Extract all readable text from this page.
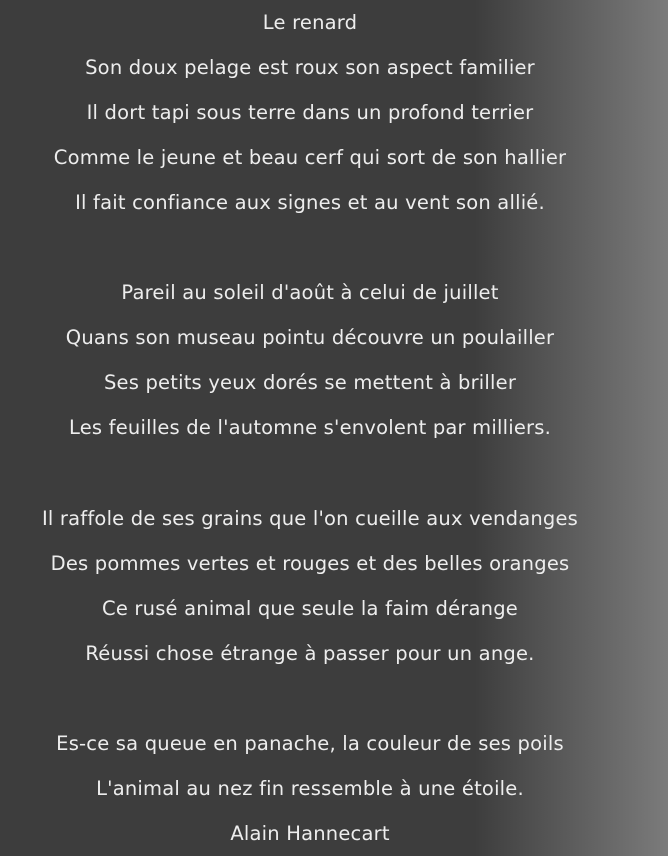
Le renard
Son doux pelage est roux son aspect familier
Il dort tapi sous terre dans un profond terrier
Comme le jeune et beau cerf qui sort de son hallier
Il fait confiance aux signes et au vent son allié.
Pareil au soleil d'août à celui de juillet
Quans son museau pointu découvre un poulailler
Ses petits yeux dorés se mettent à briller
Les feuilles de l'automne s'envolent par milliers.
Il raffole de ses grains que l'on cueille aux vendanges
Des pommes vertes et rouges et des belles oranges
Ce rusé animal que seule la faim dérange
Réussi chose étrange à passer pour un ange.
Es-ce sa queue en panache, la couleur de ses poils
L'animal au nez fin ressemble à une étoile.
Alain Hannecart
